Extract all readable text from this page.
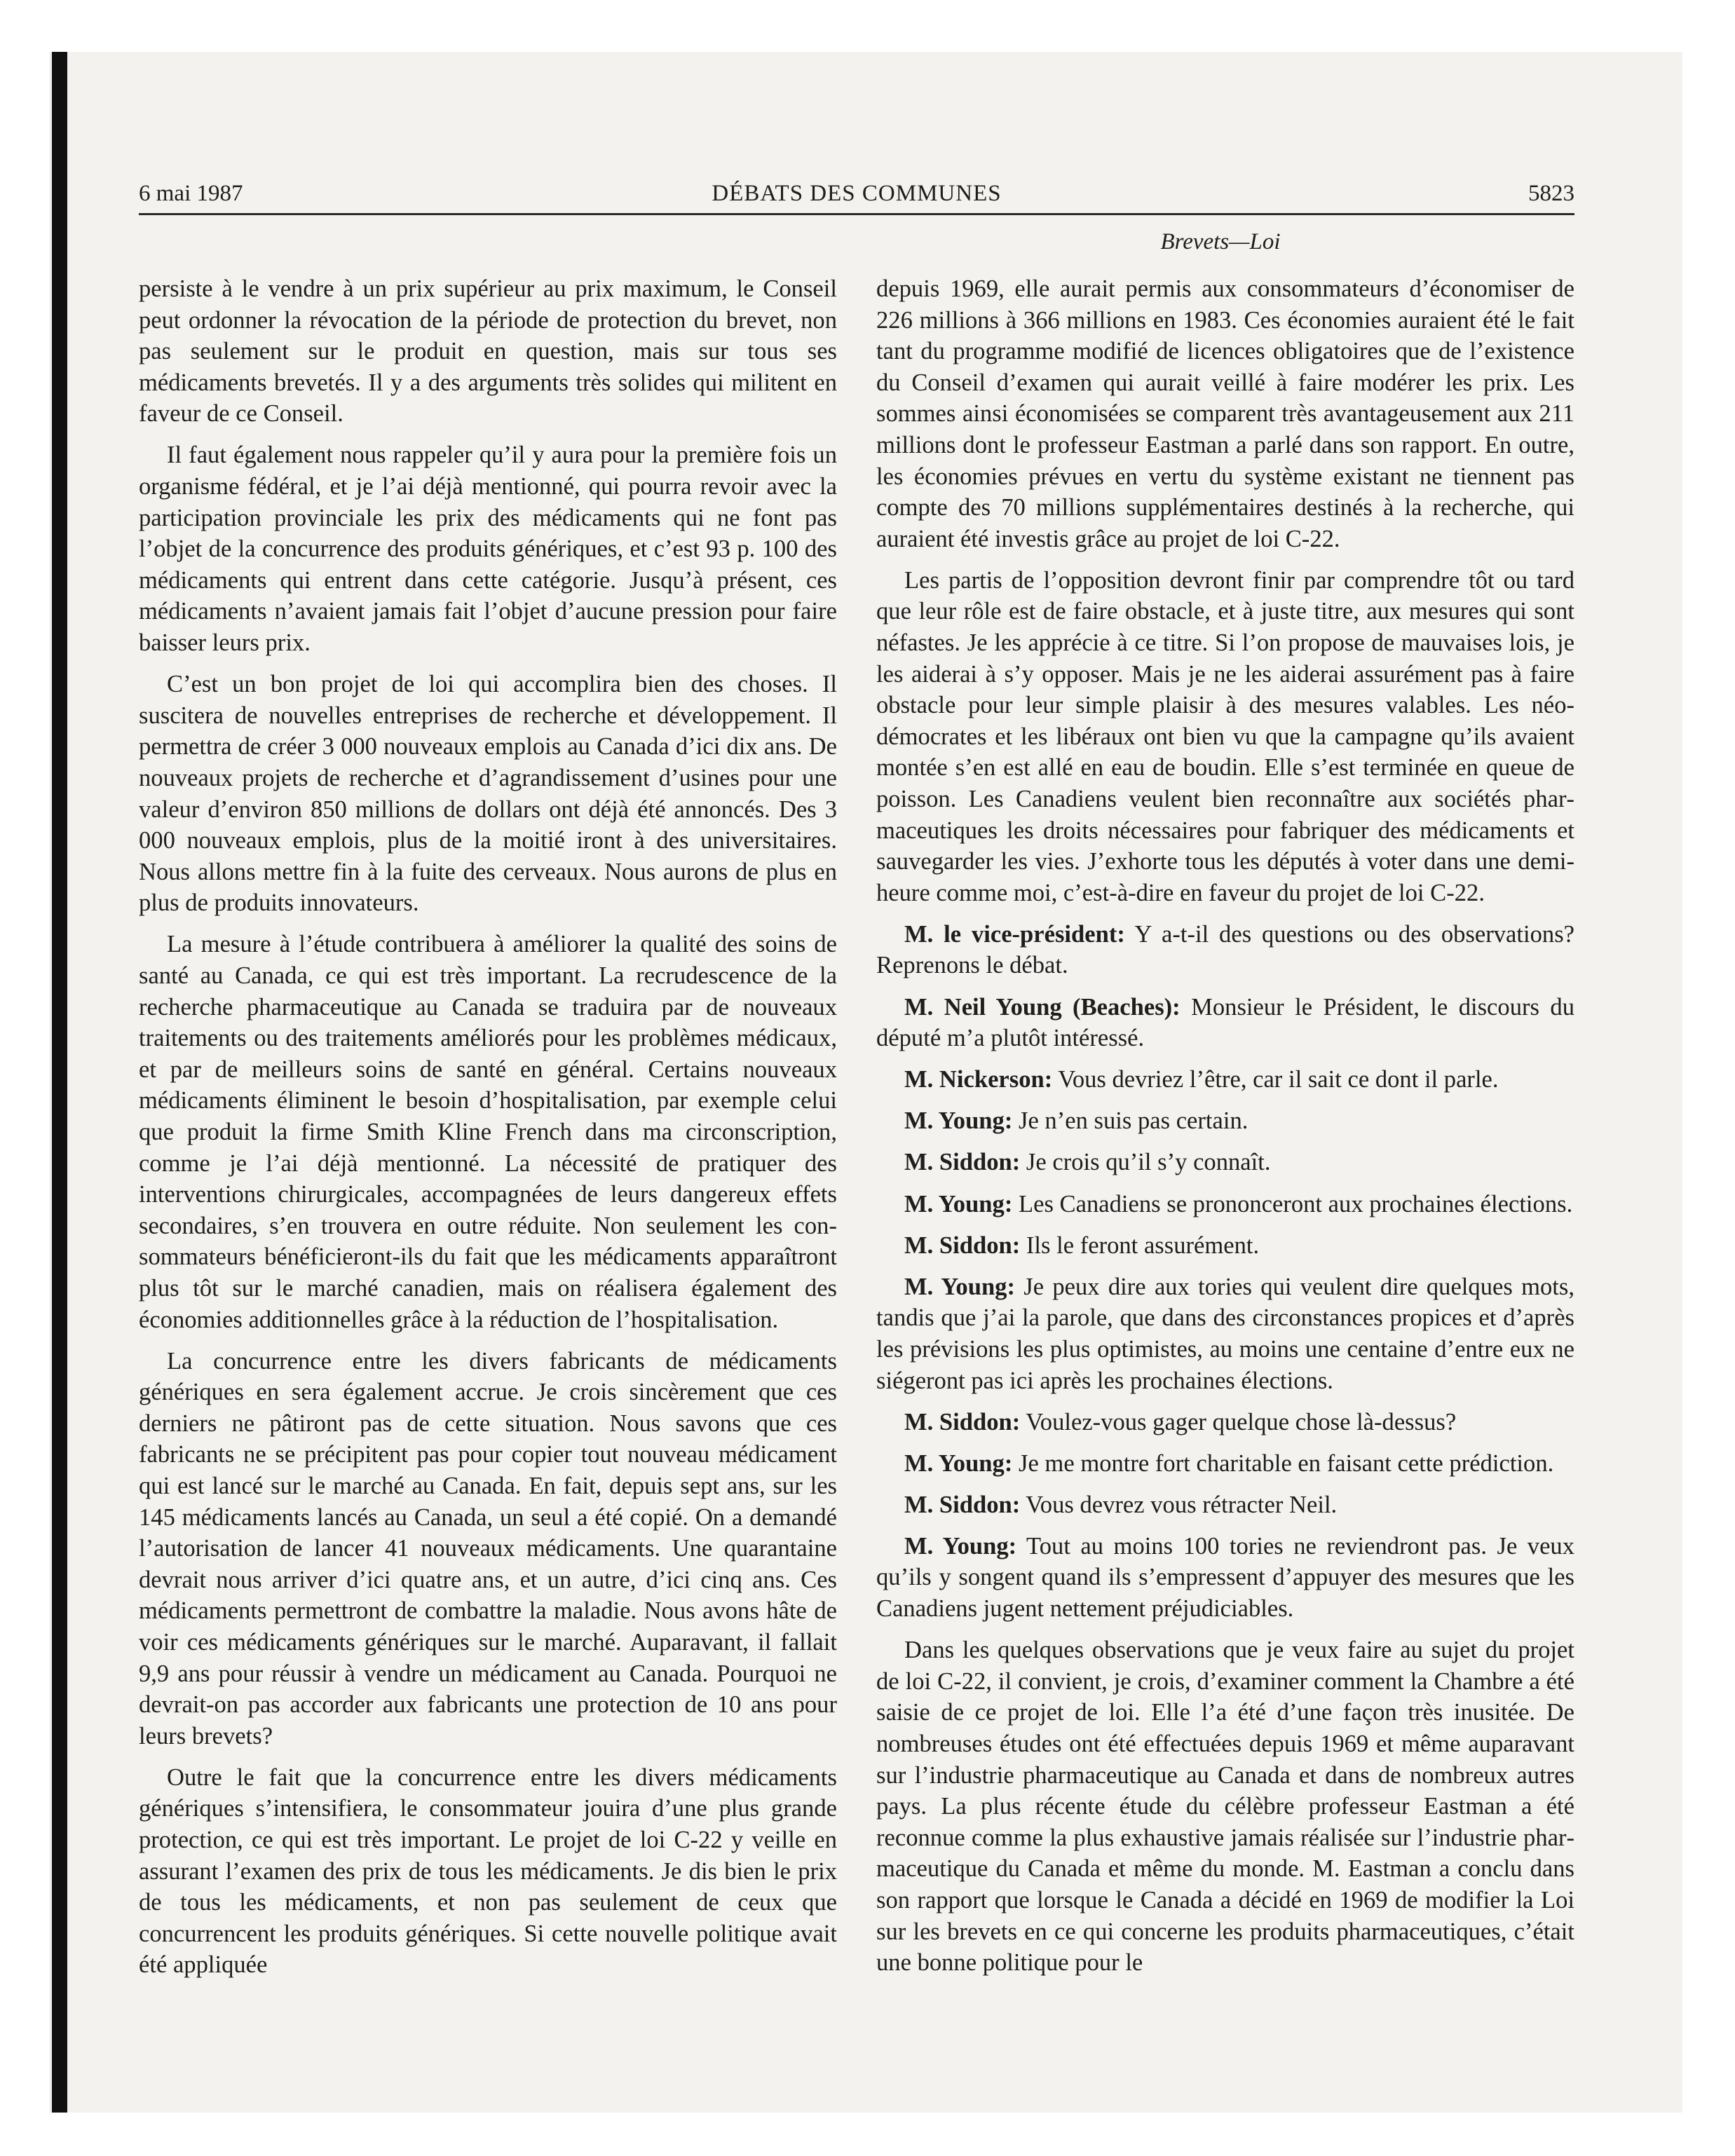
6 mai 1987	DÉBATS DES COMMUNES	5823
Brevets—Loi

persiste à le vendre à un prix supérieur au prix maximum, le Conseil peut ordonner la révocation de la période de protection du brevet, non pas seulement sur le produit en question, mais sur tous ses médicaments brevetés. Il y a des arguments très solides qui militent en faveur de ce Conseil.

Il faut également nous rappeler qu’il y aura pour la première fois un organisme fédéral, et je l’ai déjà mentionné, qui pourra revoir avec la participation provinciale les prix des médicaments qui ne font pas l’objet de la concurrence des produits génériques, et c’est 93 p. 100 des médicaments qui entrent dans cette catégorie. Jusqu’à présent, ces médicaments n’avaient jamais fait l’objet d’aucune pression pour faire baisser leurs prix.

C’est un bon projet de loi qui accomplira bien des choses. Il suscitera de nouvelles entreprises de recherche et développement. Il permettra de créer 3 000 nouveaux emplois au Canada d’ici dix ans. De nouveaux projets de recherche et d’agrandissement d’usines pour une valeur d’environ 850 millions de dollars ont déjà été annoncés. Des 3 000 nouveaux emplois, plus de la moitié iront à des universitaires. Nous allons mettre fin à la fuite des cerveaux. Nous aurons de plus en plus de produits innovateurs.

La mesure à l’étude contribuera à améliorer la qualité des soins de santé au Canada, ce qui est très important. La recrudescence de la recherche pharmaceutique au Canada se traduira par de nouveaux traitements ou des traitements améliorés pour les problèmes médicaux, et par de meilleurs soins de santé en général. Certains nouveaux médicaments éliminent le besoin d’hospitalisation, par exemple celui que produit la firme Smith Kline French dans ma circonscription, comme je l’ai déjà mentionné. La nécessité de pratiquer des interventions chirurgicales, accompagnées de leurs dangereux effets secondaires, s’en trouvera en outre réduite. Non seulement les consommateurs bénéficieront-ils du fait que les médicaments apparaîtront plus tôt sur le marché canadien, mais on réalisera également des économies additionnelles grâce à la réduction de l’hospitalisation.

La concurrence entre les divers fabricants de médicaments génériques en sera également accrue. Je crois sincèrement que ces derniers ne pâtiront pas de cette situation. Nous savons que ces fabricants ne se précipitent pas pour copier tout nouveau médicament qui est lancé sur le marché au Canada. En fait, depuis sept ans, sur les 145 médicaments lancés au Canada, un seul a été copié. On a demandé l’autorisation de lancer 41 nouveaux médicaments. Une quarantaine devrait nous arriver d’ici quatre ans, et un autre, d’ici cinq ans. Ces médicaments permettront de combattre la maladie. Nous avons hâte de voir ces médicaments génériques sur le marché. Auparavant, il fallait 9,9 ans pour réussir à vendre un médicament au Canada. Pourquoi ne devrait-on pas accorder aux fabricants une protection de 10 ans pour leurs brevets?

Outre le fait que la concurrence entre les divers médicaments génériques s’intensifiera, le consommateur jouira d’une plus grande protection, ce qui est très important. Le projet de loi C-22 y veille en assurant l’examen des prix de tous les médicaments. Je dis bien le prix de tous les médicaments, et non pas seulement de ceux que concurrencent les produits génériques. Si cette nouvelle politique avait été appliquée

depuis 1969, elle aurait permis aux consommateurs d’économiser de 226 millions à 366 millions en 1983. Ces économies auraient été le fait tant du programme modifié de licences obligatoires que de l’existence du Conseil d’examen qui aurait veillé à faire modérer les prix. Les sommes ainsi économisées se comparent très avantageusement aux 211 millions dont le professeur Eastman a parlé dans son rapport. En outre, les économies prévues en vertu du système existant ne tiennent pas compte des 70 millions supplémentaires destinés à la recherche, qui auraient été investis grâce au projet de loi C-22.

Les partis de l’opposition devront finir par comprendre tôt ou tard que leur rôle est de faire obstacle, et à juste titre, aux mesures qui sont néfastes. Je les apprécie à ce titre. Si l’on propose de mauvaises lois, je les aiderai à s’y opposer. Mais je ne les aiderai assurément pas à faire obstacle pour leur simple plaisir à des mesures valables. Les néo-démocrates et les libéraux ont bien vu que la campagne qu’ils avaient montée s’en est allé en eau de boudin. Elle s’est terminée en queue de poisson. Les Canadiens veulent bien reconnaître aux sociétés pharmaceutiques les droits nécessaires pour fabriquer des médicaments et sauvegarder les vies. J’exhorte tous les députés à voter dans une demi-heure comme moi, c’est-à-dire en faveur du projet de loi C-22.

M. le vice-président: Y a-t-il des questions ou des observations? Reprenons le débat.

M. Neil Young (Beaches): Monsieur le Président, le discours du député m’a plutôt intéressé.

M. Nickerson: Vous devriez l’être, car il sait ce dont il parle.

M. Young: Je n’en suis pas certain.

M. Siddon: Je crois qu’il s’y connaît.

M. Young: Les Canadiens se prononceront aux prochaines élections.

M. Siddon: Ils le feront assurément.

M. Young: Je peux dire aux tories qui veulent dire quelques mots, tandis que j’ai la parole, que dans des circonstances propices et d’après les prévisions les plus optimistes, au moins une centaine d’entre eux ne siégeront pas ici après les prochaines élections.

M. Siddon: Voulez-vous gager quelque chose là-dessus?

M. Young: Je me montre fort charitable en faisant cette prédiction.

M. Siddon: Vous devrez vous rétracter Neil.

M. Young: Tout au moins 100 tories ne reviendront pas. Je veux qu’ils y songent quand ils s’empressent d’appuyer des mesures que les Canadiens jugent nettement préjudiciables.

Dans les quelques observations que je veux faire au sujet du projet de loi C-22, il convient, je crois, d’examiner comment la Chambre a été saisie de ce projet de loi. Elle l’a été d’une façon très inusitée. De nombreuses études ont été effectuées depuis 1969 et même auparavant sur l’industrie pharmaceutique au Canada et dans de nombreux autres pays. La plus récente étude du célèbre professeur Eastman a été reconnue comme la plus exhaustive jamais réalisée sur l’industrie pharmaceutique du Canada et même du monde. M. Eastman a conclu dans son rapport que lorsque le Canada a décidé en 1969 de modifier la Loi sur les brevets en ce qui concerne les produits pharmaceutiques, c’était une bonne politique pour le
